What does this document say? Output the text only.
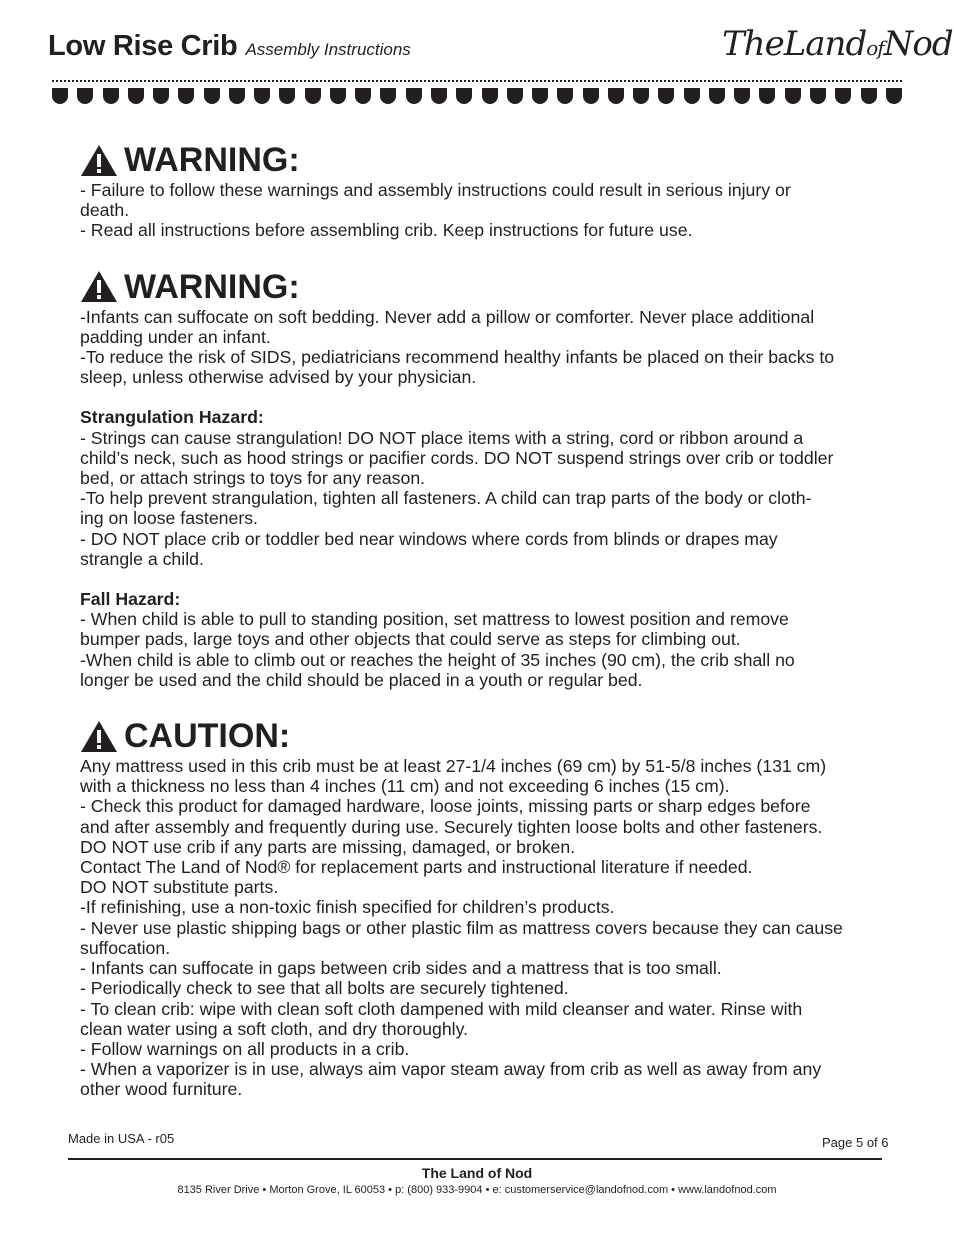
Low Rise Crib Assembly Instructions	TheLandofNod
WARNING:
- Failure to follow these warnings and assembly instructions could result in serious injury or
death.
- Read all instructions before assembling crib. Keep instructions for future use.
WARNING:
-Infants can suffocate on soft bedding. Never add a pillow or comforter. Never place additional
padding under an infant.
-To reduce the risk of SIDS, pediatricians recommend healthy infants be placed on their backs to
sleep, unless otherwise advised by your physician.
Strangulation Hazard:
- Strings can cause strangulation! DO NOT place items with a string, cord or ribbon around a
child’s neck, such as hood strings or pacifier cords. DO NOT suspend strings over crib or toddler
bed, or attach strings to toys for any reason.
-To help prevent strangulation, tighten all fasteners. A child can trap parts of the body or cloth-
ing on loose fasteners.
- DO NOT place crib or toddler bed near windows where cords from blinds or drapes may
strangle a child.
Fall Hazard:
- When child is able to pull to standing position, set mattress to lowest position and remove
bumper pads, large toys and other objects that could serve as steps for climbing out.
-When child is able to climb out or reaches the height of 35 inches (90 cm), the crib shall no
longer be used and the child should be placed in a youth or regular bed.
CAUTION:
Any mattress used in this crib must be at least 27-1/4 inches (69 cm) by 51-5/8 inches (131 cm)
with a thickness no less than 4 inches (11 cm) and not exceeding 6 inches (15 cm).
- Check this product for damaged hardware, loose joints, missing parts or sharp edges before
and after assembly and frequently during use. Securely tighten loose bolts and other fasteners.
DO NOT use crib if any parts are missing, damaged, or broken.
Contact The Land of Nod® for replacement parts and instructional literature if needed.
DO NOT substitute parts.
-If refinishing, use a non-toxic finish specified for children’s products.
- Never use plastic shipping bags or other plastic film as mattress covers because they can cause
suffocation.
- Infants can suffocate in gaps between crib sides and a mattress that is too small.
- Periodically check to see that all bolts are securely tightened.
- To clean crib: wipe with clean soft cloth dampened with mild cleanser and water. Rinse with
clean water using a soft cloth, and dry thoroughly.
- Follow warnings on all products in a crib.
- When a vaporizer is in use, always aim vapor steam away from crib as well as away from any
other wood furniture.
Made in USA - r05	Page 5 of 6
The Land of Nod
8135 River Drive • Morton Grove, IL 60053 • p: (800) 933-9904 • e: customerservice@landofnod.com • www.landofnod.com
